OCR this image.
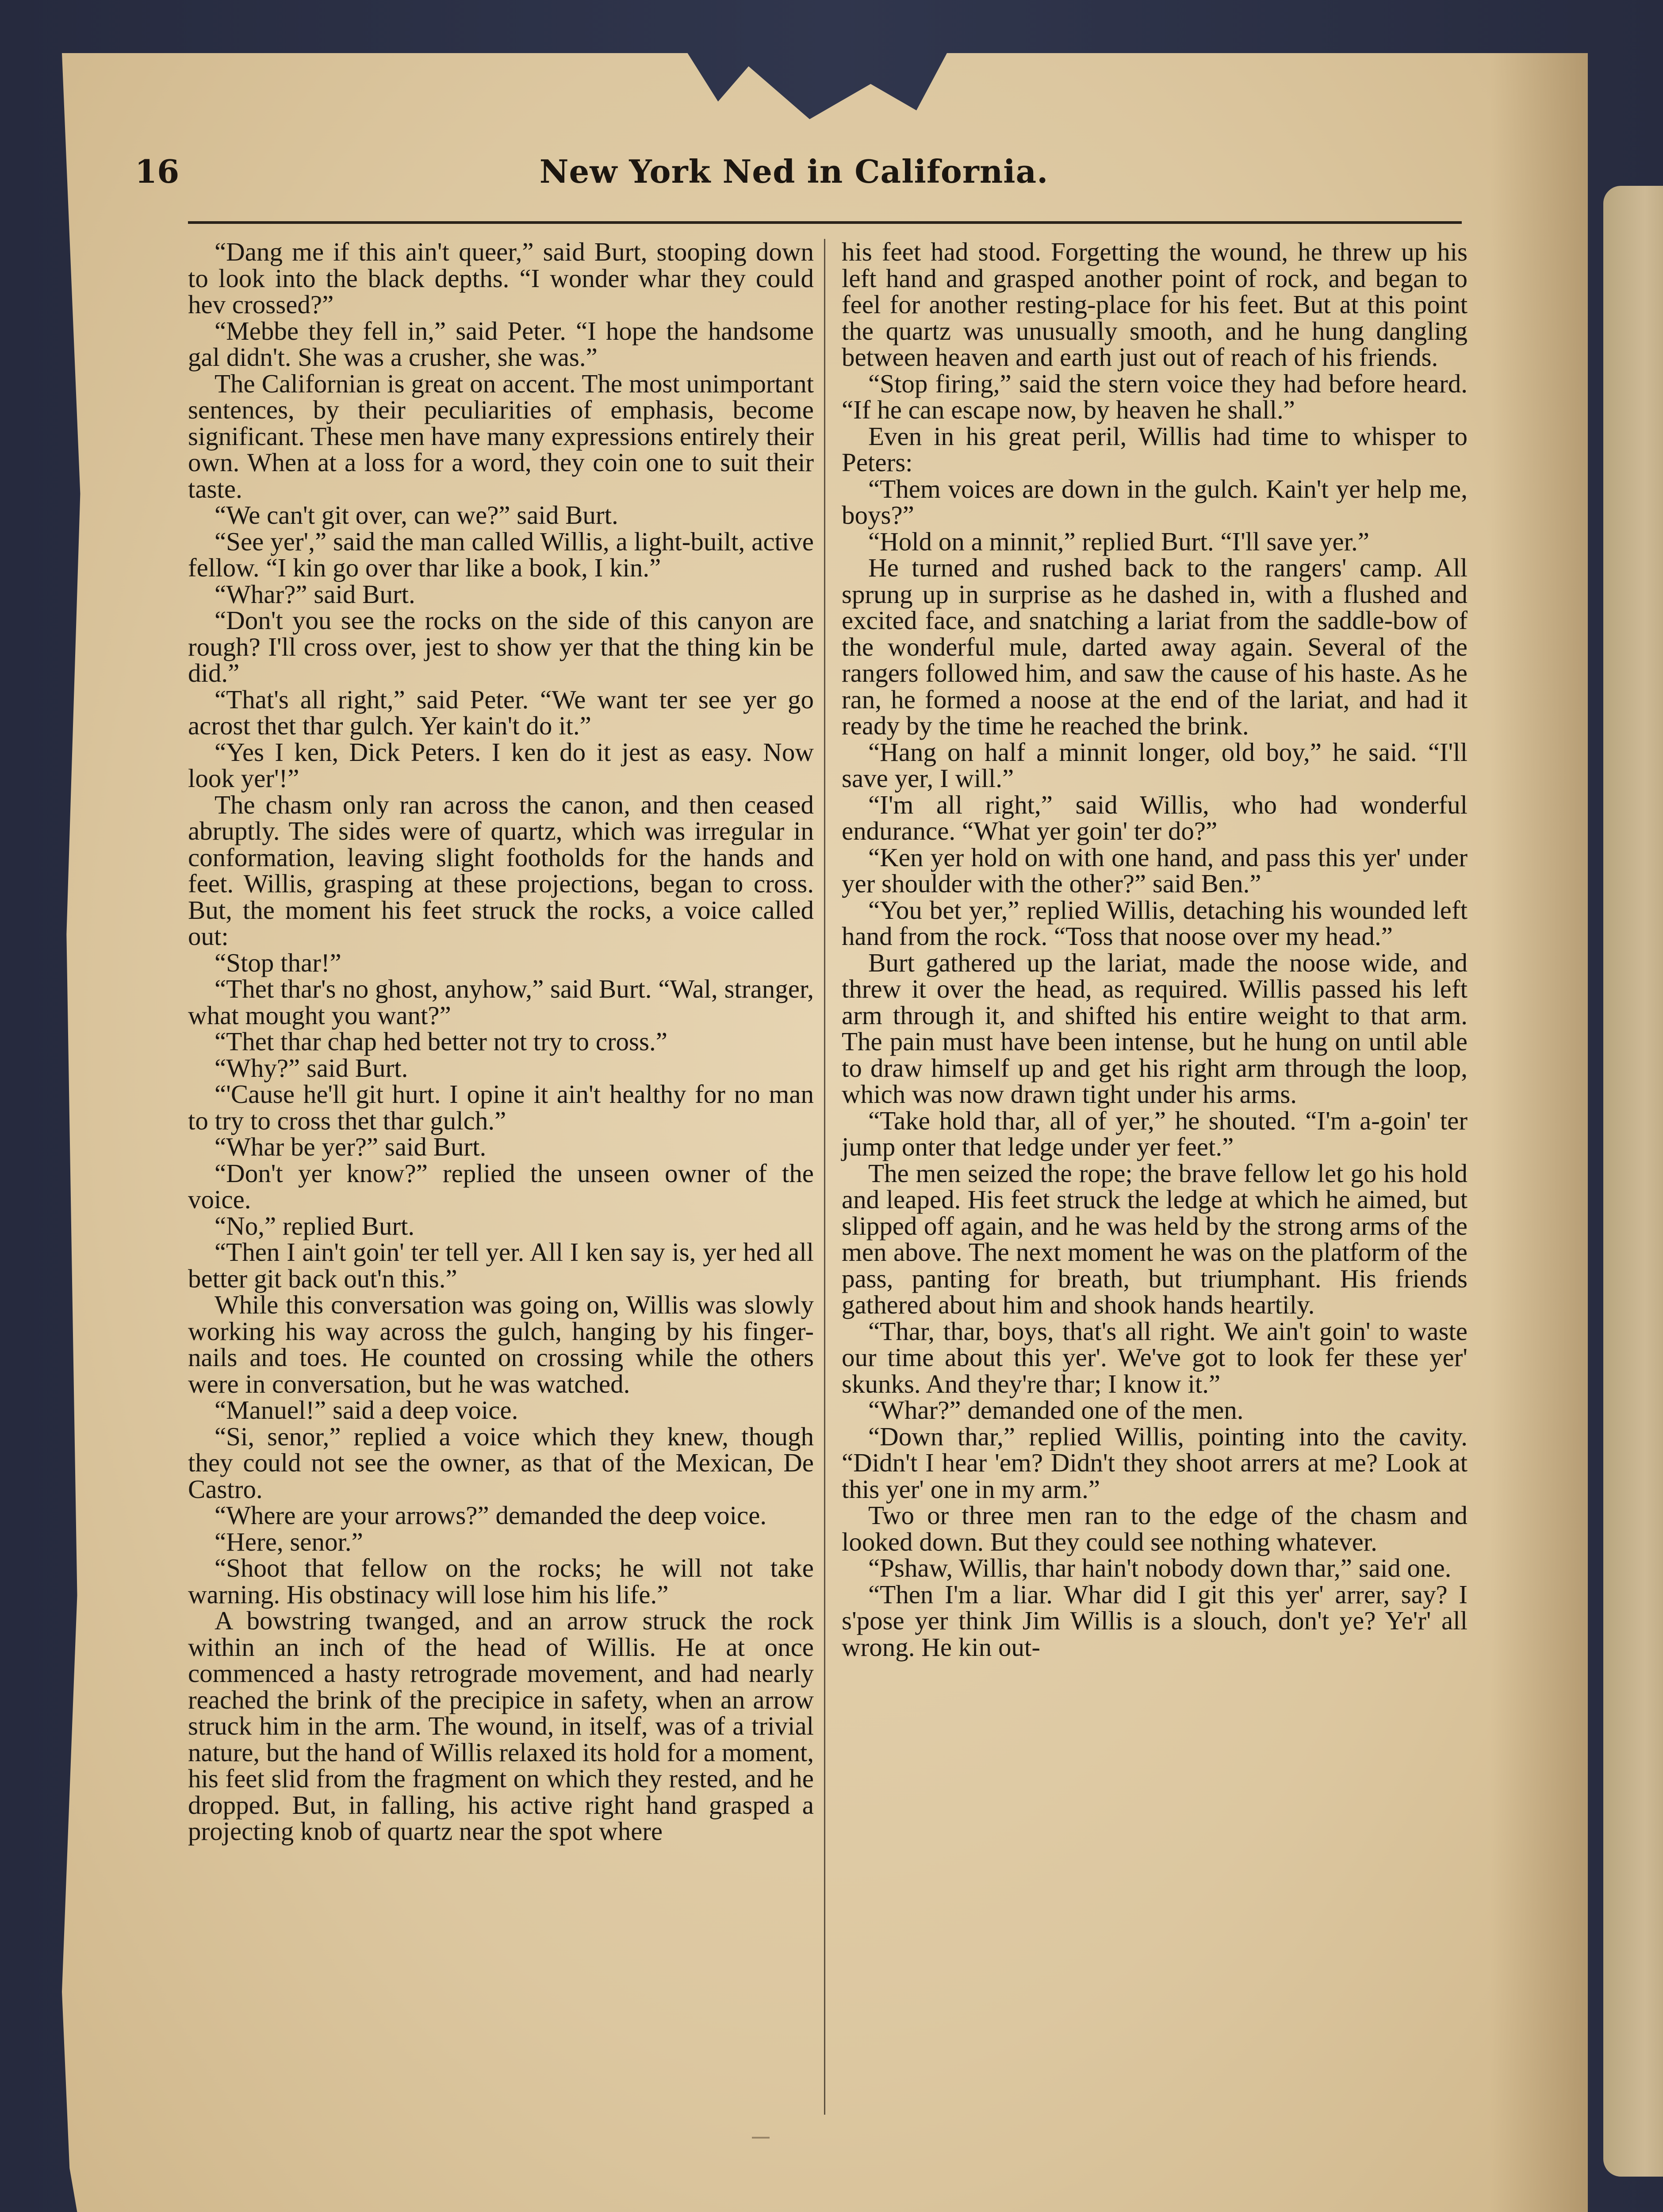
16	New York Ned in California.

“Dang me if this ain't queer,” said Burt, stooping down to look into the black depths. “I wonder whar they could hev crossed?”

“Mebbe they fell in,” said Peter. “I hope the handsome gal didn't. She was a crusher, she was.”

The Californian is great on accent. The most unimportant sentences, by their peculiarities of emphasis, become significant. These men have many expressions entirely their own. When at a loss for a word, they coin one to suit their taste.

“We can't git over, can we?” said Burt.

“See yer',” said the man called Willis, a light-built, active fellow. “I kin go over thar like a book, I kin.”

“Whar?” said Burt.

“Don't you see the rocks on the side of this canyon are rough? I'll cross over, jest to show yer that the thing kin be did.”

“That's all right,” said Peter. “We want ter see yer go acrost thet thar gulch. Yer kain't do it.”

“Yes I ken, Dick Peters. I ken do it jest as easy. Now look yer'!”

The chasm only ran across the canon, and then ceased abruptly. The sides were of quartz, which was irregular in conformation, leaving slight footholds for the hands and feet. Willis, grasping at these projections, began to cross. But, the moment his feet struck the rocks, a voice called out:

“Stop thar!”

“Thet thar's no ghost, anyhow,” said Burt. “Wal, stranger, what mought you want?”

“Thet thar chap hed better not try to cross.”

“Why?” said Burt.

“'Cause he'll git hurt. I opine it ain't healthy for no man to try to cross thet thar gulch.”

“Whar be yer?” said Burt.

“Don't yer know?” replied the unseen owner of the voice.

“No,” replied Burt.

“Then I ain't goin' ter tell yer. All I ken say is, yer hed all better git back out'n this.”

While this conversation was going on, Willis was slowly working his way across the gulch, hanging by his finger-nails and toes. He counted on crossing while the others were in conversation, but he was watched.

“Manuel!” said a deep voice.

“Si, senor,” replied a voice which they knew, though they could not see the owner, as that of the Mexican, De Castro.

“Where are your arrows?” demanded the deep voice.

“Here, senor.”

“Shoot that fellow on the rocks; he will not take warning. His obstinacy will lose him his life.”

A bowstring twanged, and an arrow struck the rock within an inch of the head of Willis. He at once commenced a hasty retrograde movement, and had nearly reached the brink of the precipice in safety, when an arrow struck him in the arm. The wound, in itself, was of a trivial nature, but the hand of Willis relaxed its hold for a moment, his feet slid from the fragment on which they rested, and he dropped. But, in falling, his active right hand grasped a projecting knob of quartz near the spot where

his feet had stood. Forgetting the wound, he threw up his left hand and grasped another point of rock, and began to feel for another resting-place for his feet. But at this point the quartz was unusually smooth, and he hung dangling between heaven and earth just out of reach of his friends.

“Stop firing,” said the stern voice they had before heard. “If he can escape now, by heaven he shall.”

Even in his great peril, Willis had time to whisper to Peters:

“Them voices are down in the gulch. Kain't yer help me, boys?”

“Hold on a minnit,” replied Burt. “I'll save yer.”

He turned and rushed back to the rangers' camp. All sprung up in surprise as he dashed in, with a flushed and excited face, and snatching a lariat from the saddle-bow of the wonderful mule, darted away again. Several of the rangers followed him, and saw the cause of his haste. As he ran, he formed a noose at the end of the lariat, and had it ready by the time he reached the brink.

“Hang on half a minnit longer, old boy,” he said. “I'll save yer, I will.”

“I'm all right,” said Willis, who had wonderful endurance. “What yer goin' ter do?”

“Ken yer hold on with one hand, and pass this yer' under yer shoulder with the other?” said Ben.”

“You bet yer,” replied Willis, detaching his wounded left hand from the rock. “Toss that noose over my head.”

Burt gathered up the lariat, made the noose wide, and threw it over the head, as required. Willis passed his left arm through it, and shifted his entire weight to that arm. The pain must have been intense, but he hung on until able to draw himself up and get his right arm through the loop, which was now drawn tight under his arms.

“Take hold thar, all of yer,” he shouted. “I'm a-goin' ter jump onter that ledge under yer feet.”

The men seized the rope; the brave fellow let go his hold and leaped. His feet struck the ledge at which he aimed, but slipped off again, and he was held by the strong arms of the men above. The next moment he was on the platform of the pass, panting for breath, but triumphant. His friends gathered about him and shook hands heartily.

“Thar, thar, boys, that's all right. We ain't goin' to waste our time about this yer'. We've got to look fer these yer' skunks. And they're thar; I know it.”

“Whar?” demanded one of the men.

“Down thar,” replied Willis, pointing into the cavity. “Didn't I hear 'em? Didn't they shoot arrers at me? Look at this yer' one in my arm.”

Two or three men ran to the edge of the chasm and looked down. But they could see nothing whatever.

“Pshaw, Willis, thar hain't nobody down thar,” said one.

“Then I'm a liar. Whar did I git this yer' arrer, say? I s'pose yer think Jim Willis is a slouch, don't ye? Ye'r' all wrong. He kin out-
